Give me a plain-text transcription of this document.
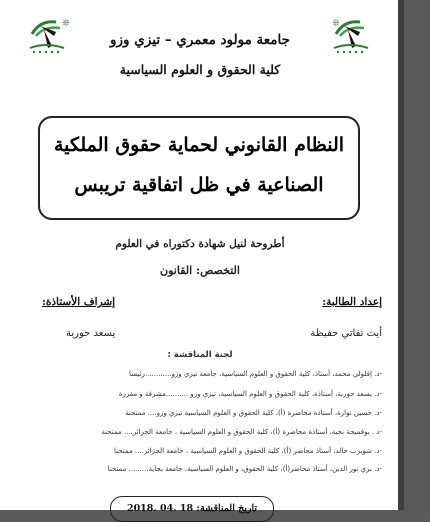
❊	❊
جامعة مولود معمري – تيزي وزو
كلية الحقوق و العلوم السياسية
النظام القانوني لحماية حقوق الملكية
الصناعية في ظل اتفاقية تريبس
أطروحة لنيل شهادة دكتوراه في العلوم
التخصص: القانون
إعداد الطالبة:
إشراف الأستاذة:
أيت تفاتي حفيظة
يسعد حورية
لجنة المناقشة :
-د. إقلولي محمد، أستاذ، كلية الحقوق و العلوم السياسية، جامعة تيزي وزو............رئيسا
-د. يسعد حورية، أستاذة، كلية الحقوق و العلوم السياسية، تيزي وزو ..........مشرفة و مقررة
-د. حسين نوارة، أستاذة محاضرة (أ)، كلية الحقوق و العلوم السياسية تيزي وزو.... ممتحنة
-د . بوقميجة نجية، أستاذة محاضرة (أ)، كلية الحقوق و العلوم السياسية ، جامعة الجزائر.... ممتحنة
-د. شويرب خالد، أستاذ محاضر (أ)، كلية الحقوق و العلوم السياسية ، جامعة الجزائر.... ممتحنا
-د. بري نور الدين، أستاذ محاضر(أ)، كلية الحقوق، و العلوم السياسية، جامعة بجاية......... ممتحنا
تاريخ المناقشة: 18 .04 .2018
